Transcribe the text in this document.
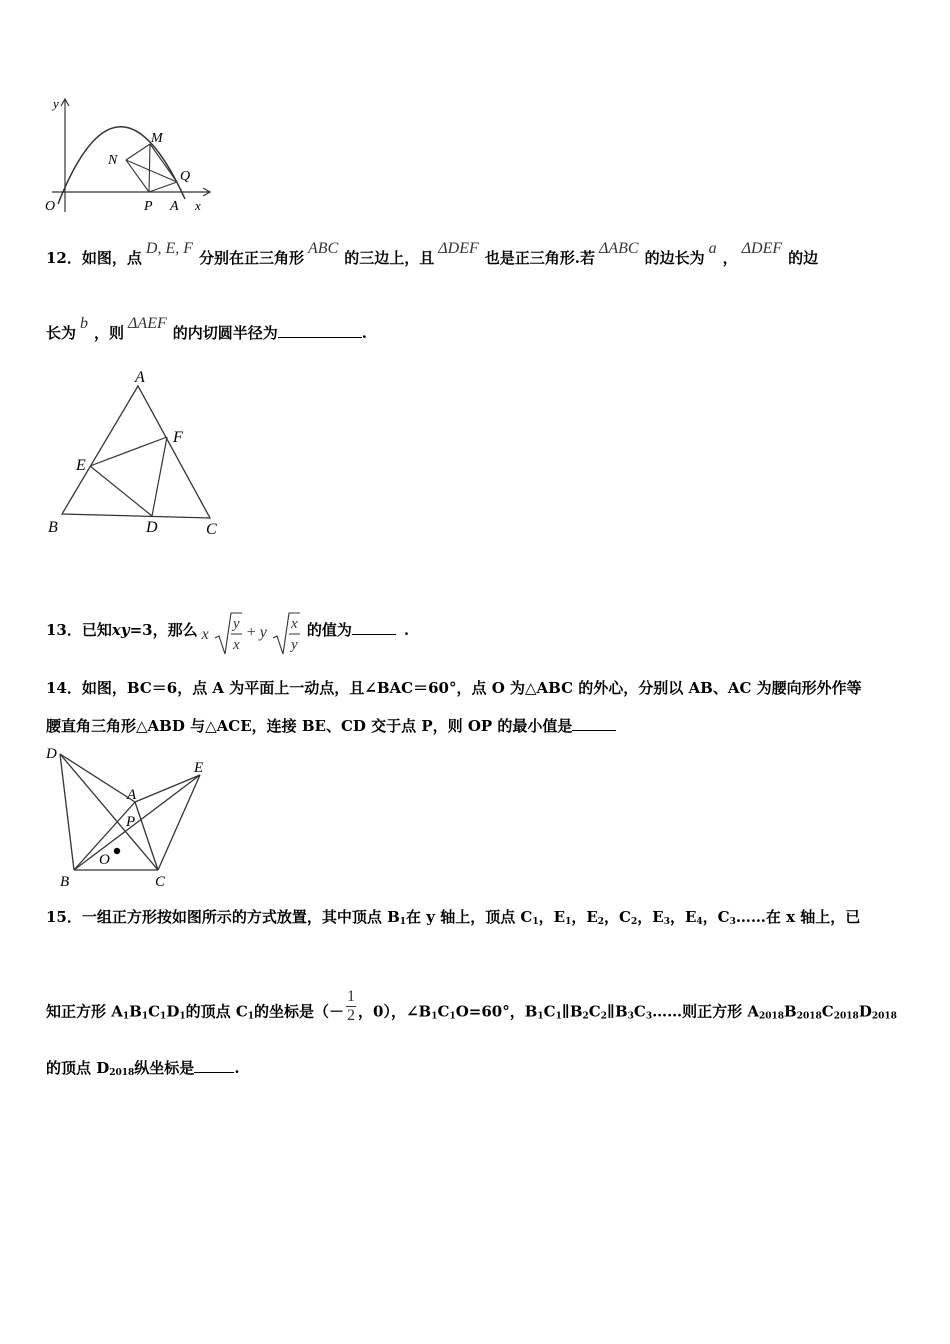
y
M
N
Q
O	P A x
12．如图，点D, E, F分别在正三角形ABC的三边上，且ΔDEF也是正三角形.若ΔABC的边长为a，ΔDEF的边
长为b，则ΔAEF的内切圆半径为	.
A
F
E
B	D	C
13．已知xy=3，那么 x
y
x
+ y x
y
的值为	.
14．如图，BC＝6，点 A 为平面上一动点，且∠BAC＝60°，点 O 为△ABC 的外心，分别以 AB、AC 为腰向形外作等
腰直角三角形△ABD 与△ACE，连接 BE、CD 交于点 P，则 OP 的最小值是
D
E
A
P
O
B	C
15．一组正方形按如图所示的方式放置，其中顶点 $B_1$在 y 轴上，顶点 $C_1$，$E_1$，$E_2$，$C_2$，$E_3$，$E_4$，$C_3\dots\dots$在 x 轴上，已
知正方形 $A_1B_1C_1D_1$的顶点 $C_1$的坐标是（－ $\frac{1}{2}$ ，0），$\angle B_1C_1O=60^\circ$，$B_1C_1\parallel B_2C_2\parallel B_3C_3\dots\dots$则正方形 $A_{2018}B_{2018}C_{2018}D_{2018}$
的顶点 $D_{2018}$纵坐标是	.
